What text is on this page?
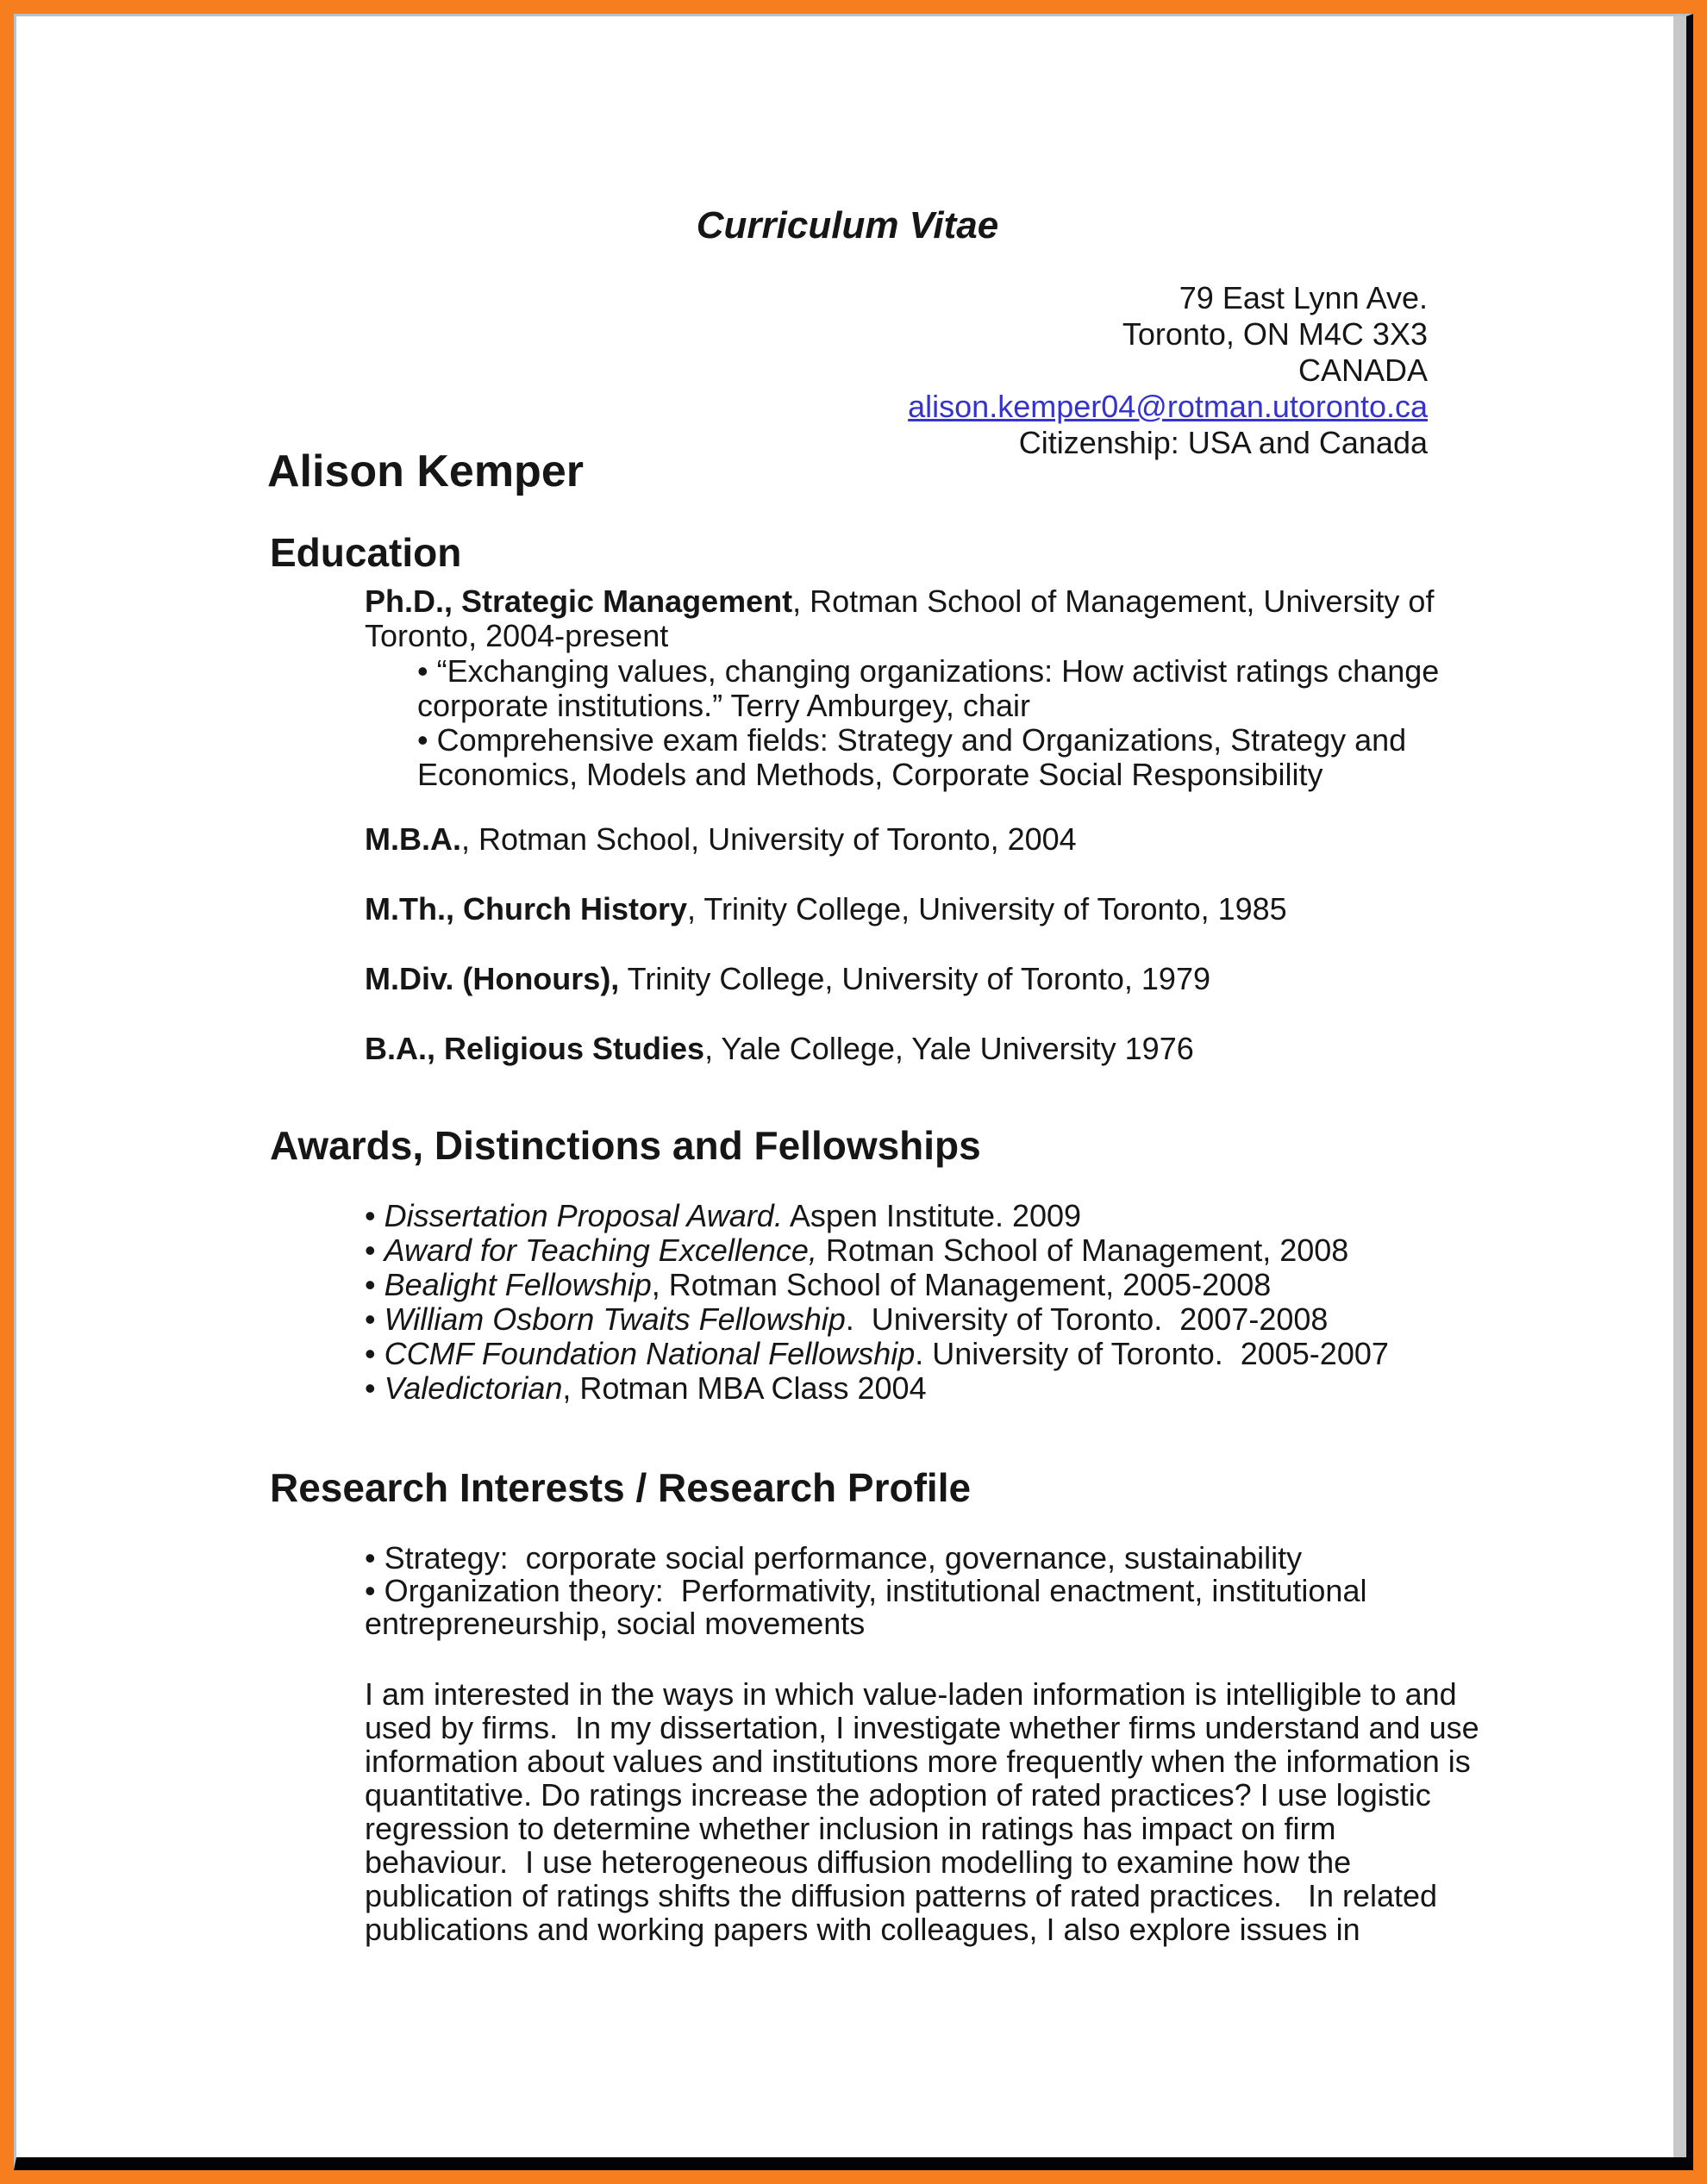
Curriculum Vitae
79 East Lynn Ave.
Toronto, ON M4C 3X3
CANADA
alison.kemper04@rotman.utoronto.ca
Citizenship: USA and Canada
Alison Kemper
Education
Ph.D., Strategic Management, Rotman School of Management, University of
Toronto, 2004-present
• “Exchanging values, changing organizations: How activist ratings change
corporate institutions.” Terry Amburgey, chair
• Comprehensive exam fields: Strategy and Organizations, Strategy and
Economics, Models and Methods, Corporate Social Responsibility
M.B.A., Rotman School, University of Toronto, 2004
M.Th., Church History, Trinity College, University of Toronto, 1985
M.Div. (Honours), Trinity College, University of Toronto, 1979
B.A., Religious Studies, Yale College, Yale University 1976
Awards, Distinctions and Fellowships
• Dissertation Proposal Award. Aspen Institute. 2009
• Award for Teaching Excellence, Rotman School of Management, 2008
• Bealight Fellowship, Rotman School of Management, 2005-2008
• William Osborn Twaits Fellowship.  University of Toronto.  2007-2008
• CCMF Foundation National Fellowship. University of Toronto.  2005-2007
• Valedictorian, Rotman MBA Class 2004
Research Interests / Research Profile
• Strategy:  corporate social performance, governance, sustainability
• Organization theory:  Performativity, institutional enactment, institutional
entrepreneurship, social movements
I am interested in the ways in which value-laden information is intelligible to and
used by firms.  In my dissertation, I investigate whether firms understand and use
information about values and institutions more frequently when the information is
quantitative. Do ratings increase the adoption of rated practices? I use logistic
regression to determine whether inclusion in ratings has impact on firm
behaviour.  I use heterogeneous diffusion modelling to examine how the
publication of ratings shifts the diffusion patterns of rated practices.   In related
publications and working papers with colleagues, I also explore issues in
